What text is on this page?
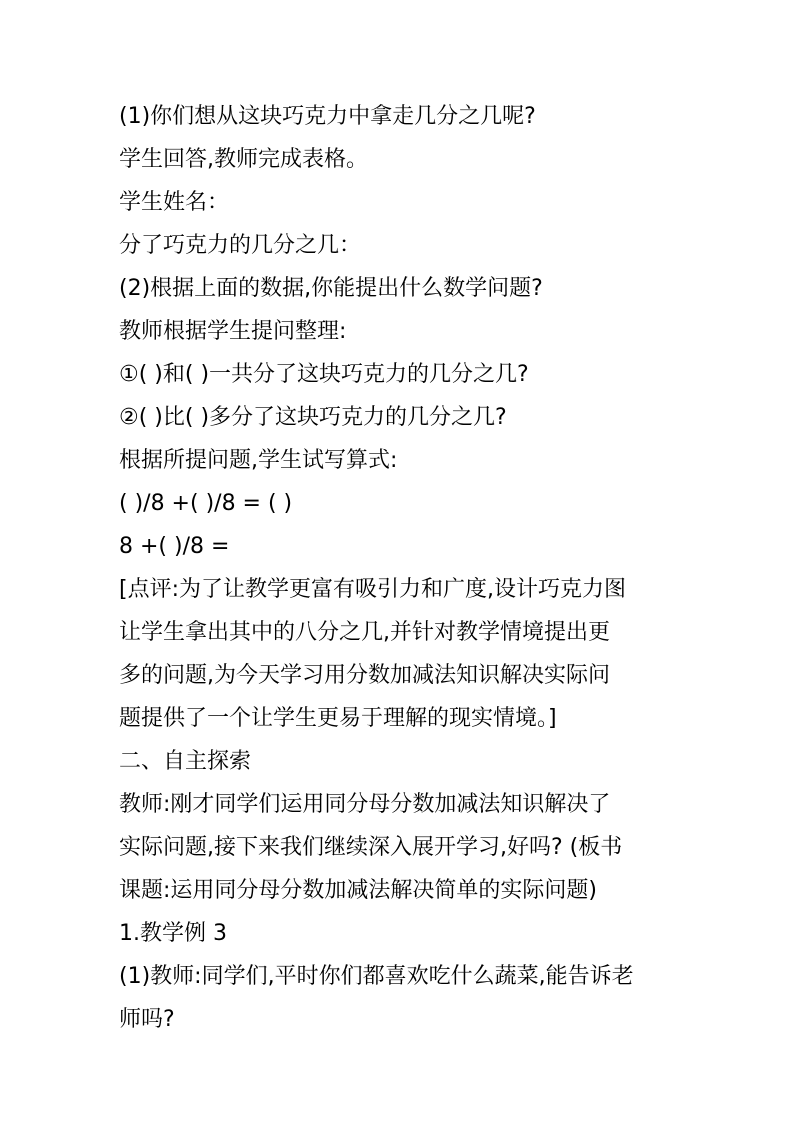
(1)你们想从这块巧克力中拿走几分之几呢?
学生回答,教师完成表格。
学生姓名：
分了巧克力的几分之几：
(2)根据上面的数据,你能提出什么数学问题?
教师根据学生提问整理:
①( )和( )一共分了这块巧克力的几分之几?
②( )比( )多分了这块巧克力的几分之几?
根据所提问题,学生试写算式:
( )/8 +( )/8 = ( )
8 +( )/8 =
[点评:为了让教学更富有吸引力和广度,设计巧克力图
让学生拿出其中的八分之几,并针对教学情境提出更
多的问题,为今天学习用分数加减法知识解决实际问
题提供了一个让学生更易于理解的现实情境。]
二、自主探索
教师:刚才同学们运用同分母分数加减法知识解决了
实际问题,接下来我们继续深入展开学习,好吗? (板书
课题:运用同分母分数加减法解决简单的实际问题)
1.教学例 3
(1)教师:同学们,平时你们都喜欢吃什么蔬菜,能告诉老
师吗?
